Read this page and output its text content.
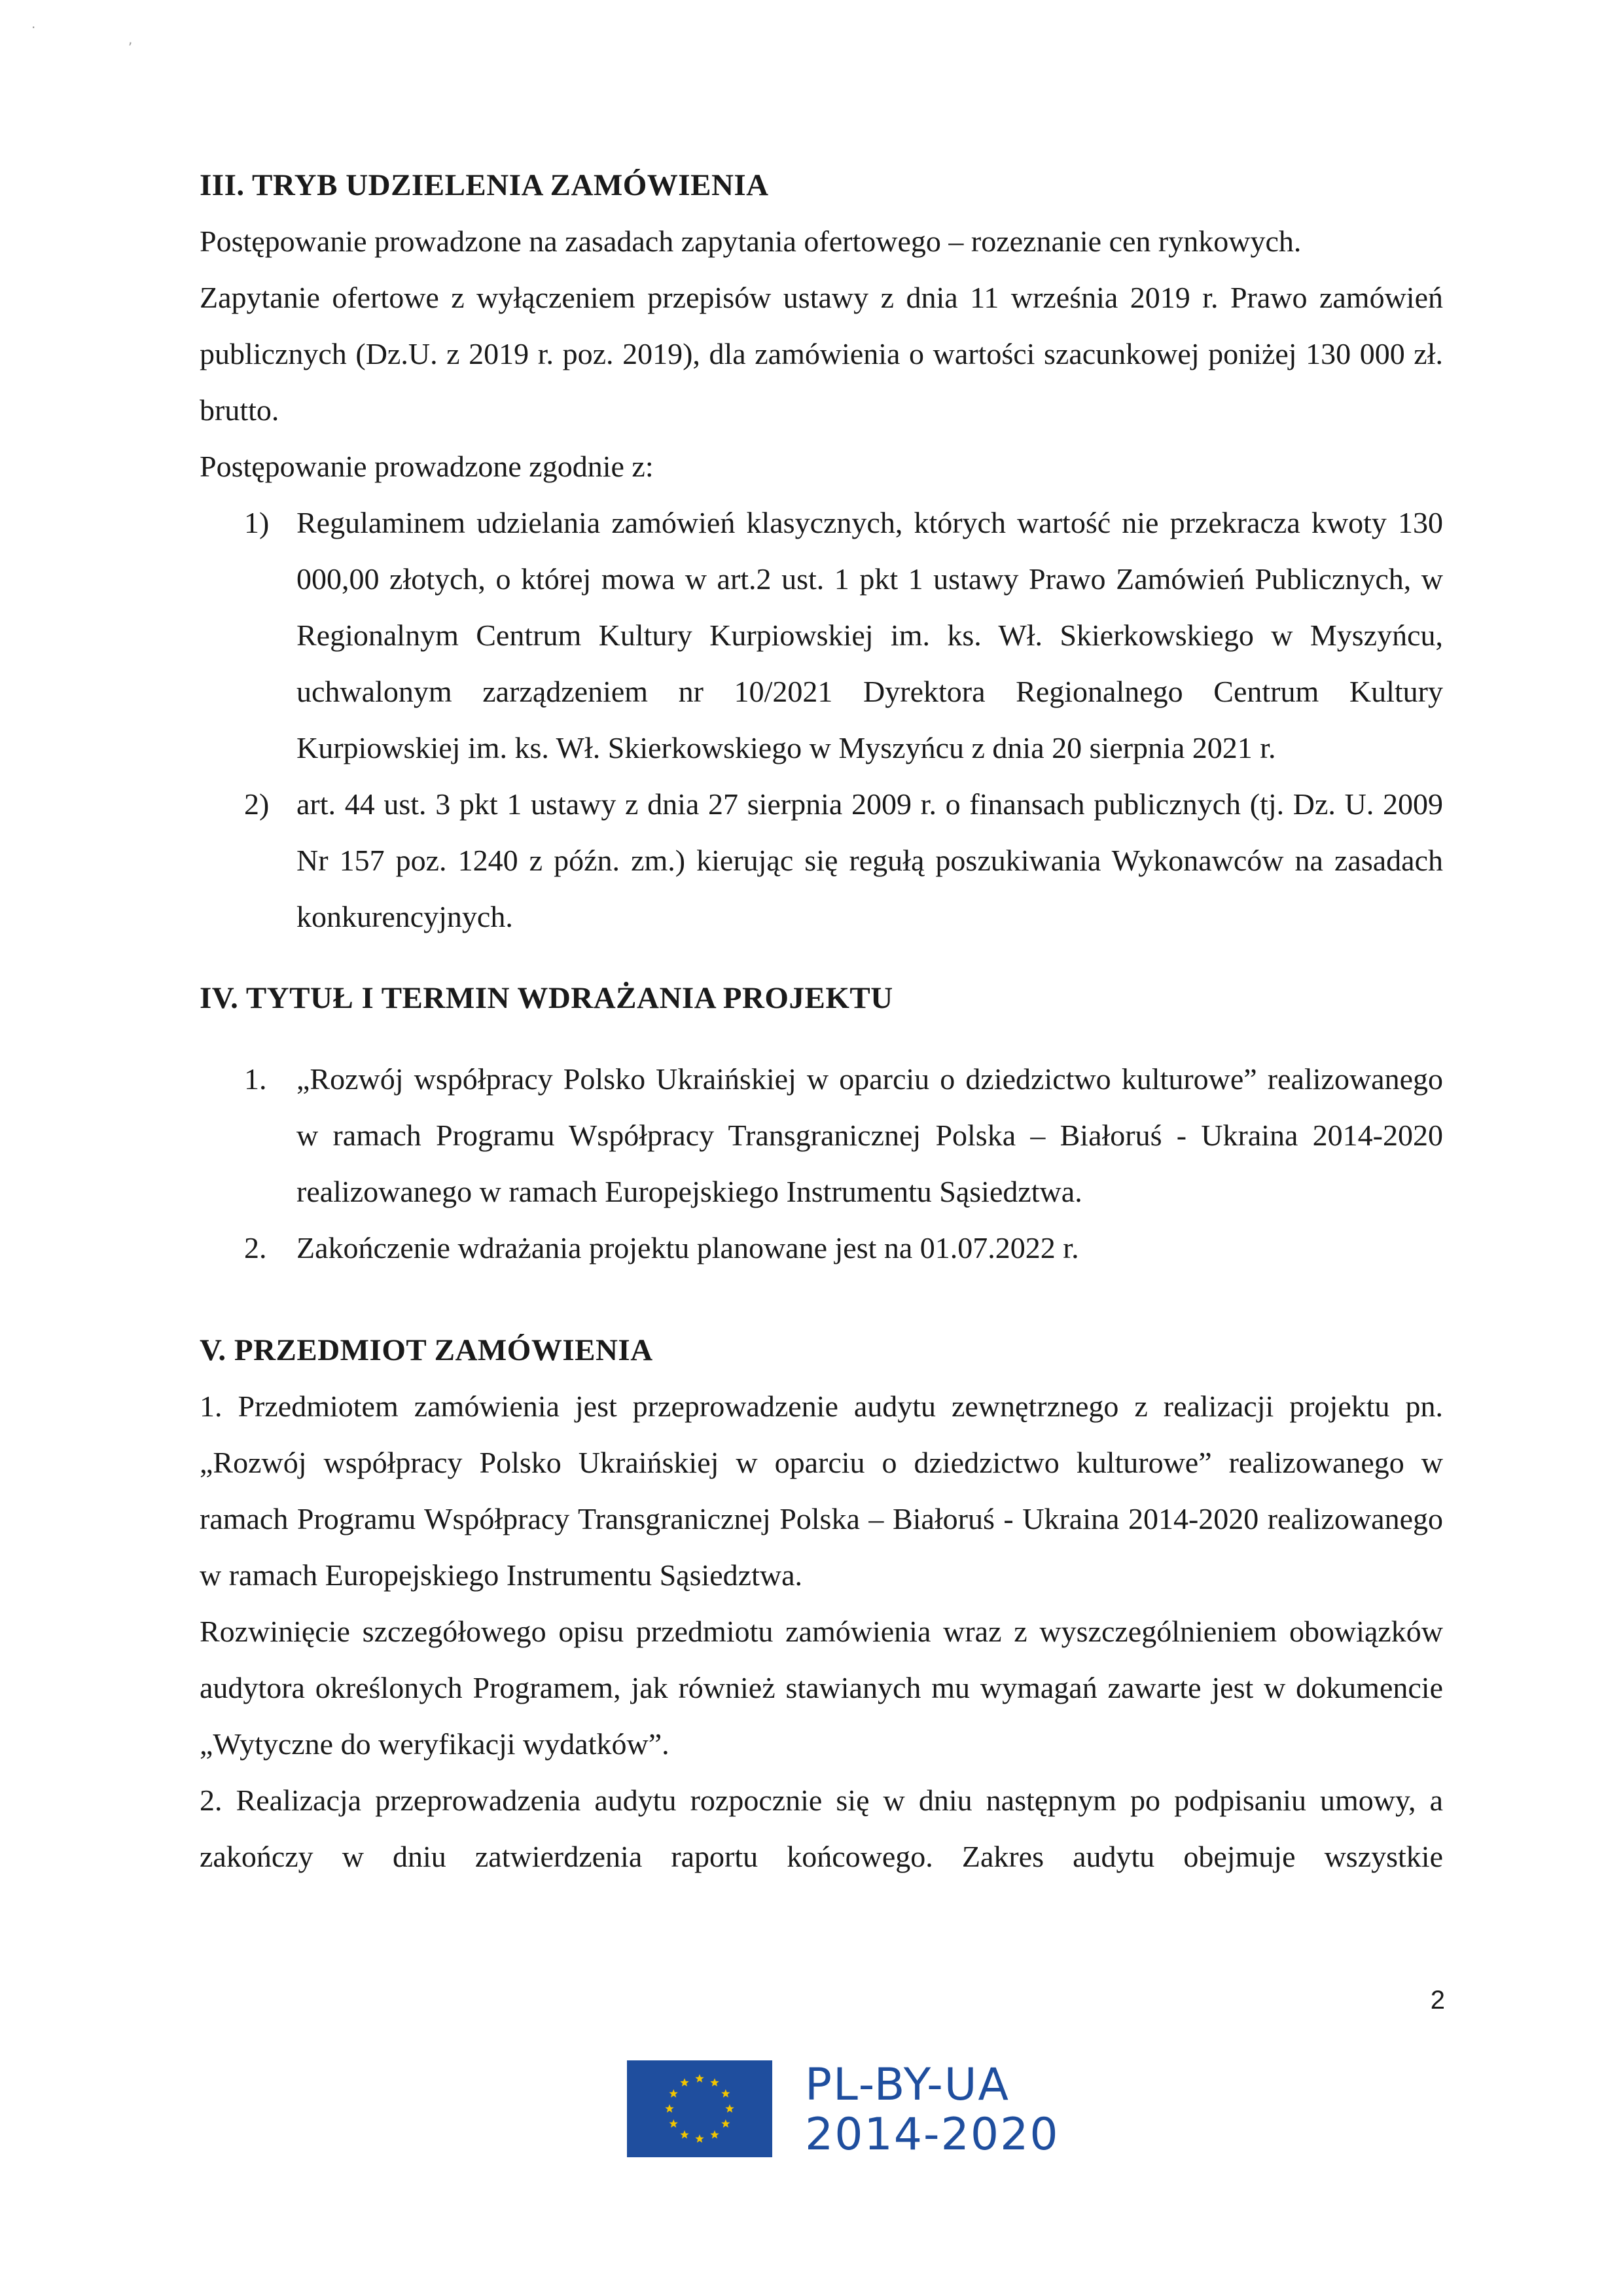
·
,
III. TRYB UDZIELENIA ZAMÓWIENIA

Postępowanie prowadzone na zasadach zapytania ofertowego – rozeznanie cen rynkowych.

Zapytanie ofertowe z wyłączeniem przepisów ustawy z dnia 11 września 2019 r. Prawo zamówień publicznych (Dz.U. z 2019 r. poz. 2019), dla zamówienia o wartości szacunkowej poniżej 130 000 zł. brutto.

Postępowanie prowadzone zgodnie z:

1) Regulaminem udzielania zamówień klasycznych, których wartość nie przekracza kwoty 130 000,00 złotych, o której mowa w art.2 ust. 1 pkt 1 ustawy Prawo Zamówień Publicznych, w Regionalnym Centrum Kultury Kurpiowskiej im. ks. Wł. Skierkowskiego w Myszyńcu, uchwalonym zarządzeniem nr 10/2021 Dyrektora Regionalnego Centrum Kultury Kurpiowskiej im. ks. Wł. Skierkowskiego w Myszyńcu z dnia 20 sierpnia 2021 r.
2) art. 44 ust. 3 pkt 1 ustawy z dnia 27 sierpnia 2009 r. o finansach publicznych (tj. Dz. U. 2009 Nr 157 poz. 1240 z późn. zm.) kierując się regułą poszukiwania Wykonawców na zasadach konkurencyjnych.
IV. TYTUŁ I TERMIN WDRAŻANIA PROJEKTU
1. „Rozwój współpracy Polsko Ukraińskiej w oparciu o dziedzictwo kulturowe” realizowanego w ramach Programu Współpracy Transgranicznej Polska – Białoruś - Ukraina 2014-2020 realizowanego w ramach Europejskiego Instrumentu Sąsiedztwa.
2. Zakończenie wdrażania projektu planowane jest na 01.07.2022 r.
V. PRZEDMIOT ZAMÓWIENIA

1. Przedmiotem zamówienia jest przeprowadzenie audytu zewnętrznego z realizacji projektu pn. „Rozwój współpracy Polsko Ukraińskiej w oparciu o dziedzictwo kulturowe” realizowanego w ramach Programu Współpracy Transgranicznej Polska – Białoruś - Ukraina 2014-2020 realizowanego w ramach Europejskiego Instrumentu Sąsiedztwa.

Rozwinięcie szczegółowego opisu przedmiotu zamówienia wraz z wyszczególnieniem obowiązków audytora określonych Programem, jak również stawianych mu wymagań zawarte jest w dokumencie „Wytyczne do weryfikacji wydatków”.

2. Realizacja przeprowadzenia audytu rozpocznie się w dniu następnym po podpisaniu umowy, a zakończy w dniu zatwierdzenia raportu końcowego. Zakres audytu obejmuje wszystkie

2
PL-BY-UA
2014-2020
